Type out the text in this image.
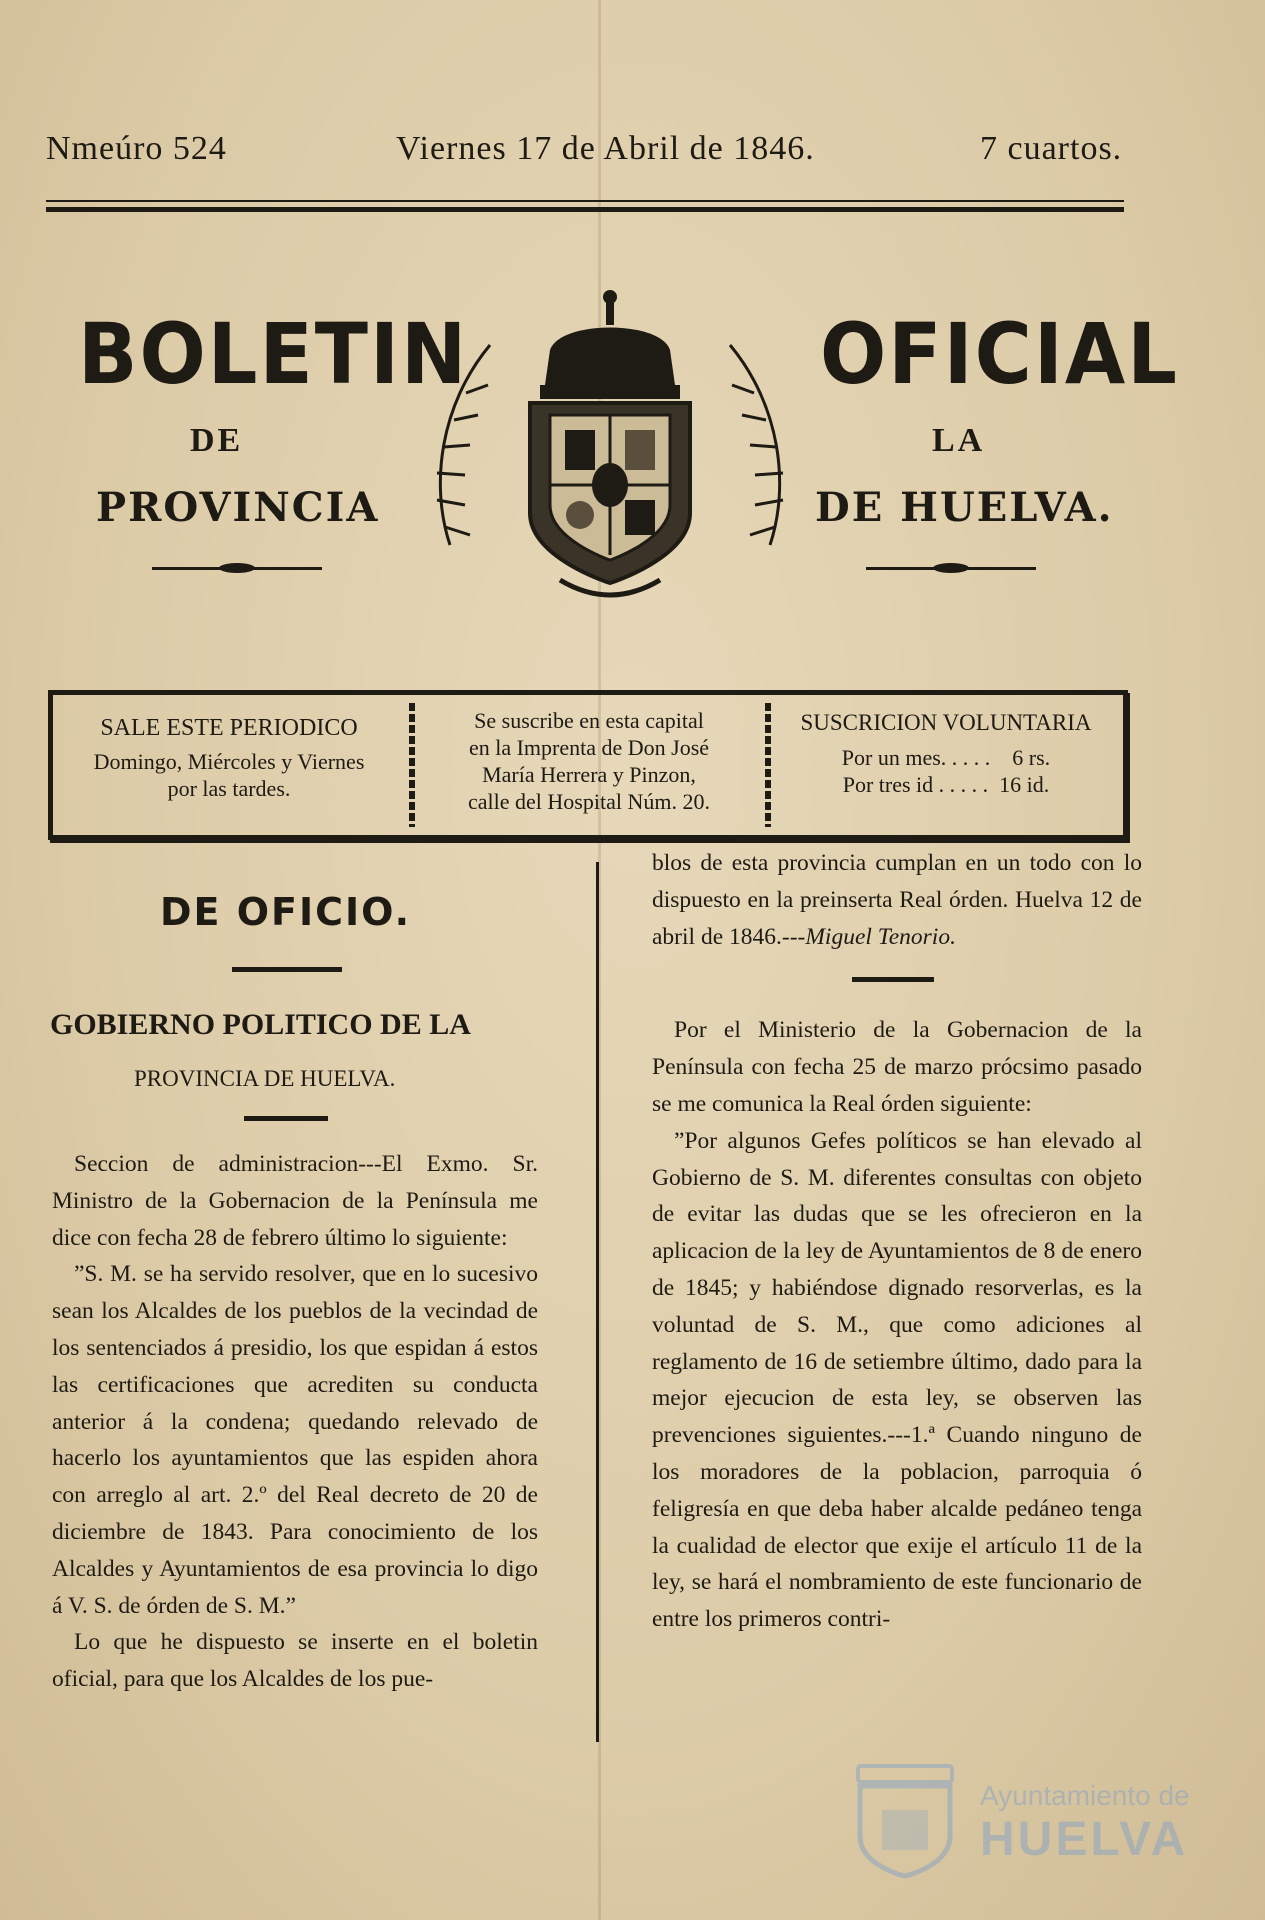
Nmeúro 524	Viernes 17 de Abril de 1846.	7 cuartos.
BOLETIN	OFICIAL
DE	LA
PROVINCIA	DE HUELVA.
SALE ESTE PERIODICO
Domingo, Miércoles y Viernes
por las tardes.
Se suscribe en esta capital
en la Imprenta de Don José
María Herrera y Pinzon,
calle del Hospital Núm. 20.
SUSCRICION VOLUNTARIA
Por un mes. . . . .    6 rs.
Por tres id . . . . .  16 id.
DE OFICIO.
GOBIERNO POLITICO DE LA
PROVINCIA DE HUELVA.

Seccion de administracion---El Exmo. Sr. Ministro de la Gobernacion de la Península me dice con fecha 28 de febrero último lo siguiente:

”S. M. se ha servido resolver, que en lo sucesivo sean los Alcaldes de los pueblos de la vecindad de los sentenciados á presidio, los que espidan á estos las certificaciones que acrediten su conducta anterior á la condena; quedando relevado de hacerlo los ayuntamientos que las espiden ahora con arreglo al art. 2.º del Real decreto de 20 de diciembre de 1843. Para conocimiento de los Alcaldes y Ayuntamientos de esa provincia lo digo á V. S. de órden de S. M.”

Lo que he dispuesto se inserte en el boletin oficial, para que los Alcaldes de los pue-

blos de esta provincia cumplan en un todo con lo dispuesto en la preinserta Real órden. Huelva 12 de abril de 1846.---Miguel Tenorio.

Por el Ministerio de la Gobernacion de la Península con fecha 25 de marzo prócsimo pasado se me comunica la Real órden siguiente:

”Por algunos Gefes políticos se han elevado al Gobierno de S. M. diferentes consultas con objeto de evitar las dudas que se les ofrecieron en la aplicacion de la ley de Ayuntamientos de 8 de enero de 1845; y habiéndose dignado resorverlas, es la voluntad de S. M., que como adiciones al reglamento de 16 de setiembre último, dado para la mejor ejecucion de esta ley, se observen las prevenciones siguientes.---1.ª Cuando ninguno de los moradores de la poblacion, parroquia ó feligresía en que deba haber alcalde pedáneo tenga la cualidad de elector que exije el artículo 11 de la ley, se hará el nombramiento de este funcionario de entre los primeros contri-

Ayuntamiento de
HUELVA
